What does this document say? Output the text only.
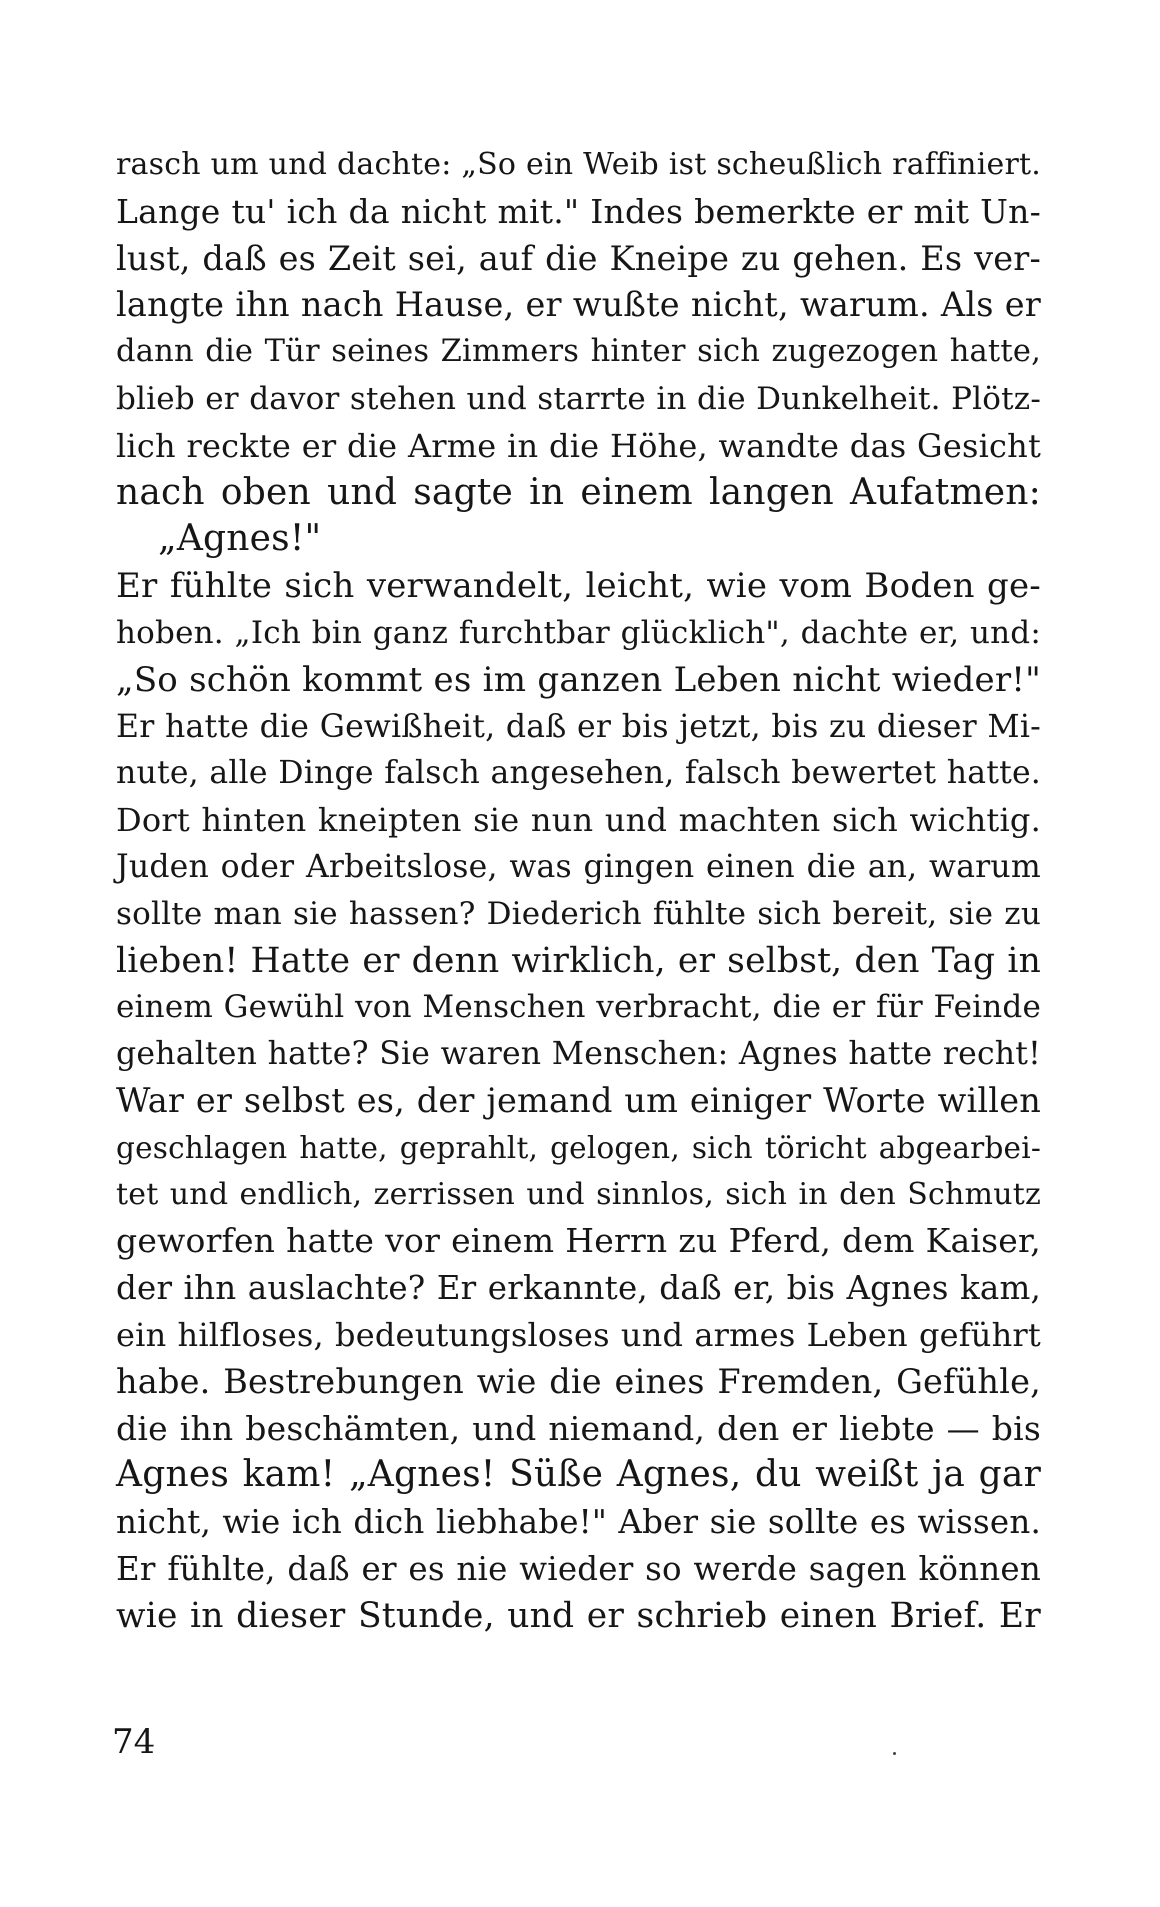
rasch um und dachte: „So ein Weib ist scheußlich raffiniert.
Lange tu' ich da nicht mit." Indes bemerkte er mit Un-
lust, daß es Zeit sei, auf die Kneipe zu gehen. Es ver-
langte ihn nach Hause, er wußte nicht, warum. Als er
dann die Tür seines Zimmers hinter sich zugezogen hatte,
blieb er davor stehen und starrte in die Dunkelheit. Plötz-
lich reckte er die Arme in die Höhe, wandte das Gesicht
nach oben und sagte in einem langen Aufatmen:
„Agnes!"
Er fühlte sich verwandelt, leicht, wie vom Boden ge-
hoben. „Ich bin ganz furchtbar glücklich", dachte er, und:
„So schön kommt es im ganzen Leben nicht wieder!"
Er hatte die Gewißheit, daß er bis jetzt, bis zu dieser Mi-
nute, alle Dinge falsch angesehen, falsch bewertet hatte.
Dort hinten kneipten sie nun und machten sich wichtig.
Juden oder Arbeitslose, was gingen einen die an, warum
sollte man sie hassen? Diederich fühlte sich bereit, sie zu
lieben! Hatte er denn wirklich, er selbst, den Tag in
einem Gewühl von Menschen verbracht, die er für Feinde
gehalten hatte? Sie waren Menschen: Agnes hatte recht!
War er selbst es, der jemand um einiger Worte willen
geschlagen hatte, geprahlt, gelogen, sich töricht abgearbei-
tet und endlich, zerrissen und sinnlos, sich in den Schmutz
geworfen hatte vor einem Herrn zu Pferd, dem Kaiser,
der ihn auslachte? Er erkannte, daß er, bis Agnes kam,
ein hilfloses, bedeutungsloses und armes Leben geführt
habe. Bestrebungen wie die eines Fremden, Gefühle,
die ihn beschämten, und niemand, den er liebte — bis
Agnes kam! „Agnes! Süße Agnes, du weißt ja gar
nicht, wie ich dich liebhabe!" Aber sie sollte es wissen.
Er fühlte, daß er es nie wieder so werde sagen können
wie in dieser Stunde, und er schrieb einen Brief. Er
74
